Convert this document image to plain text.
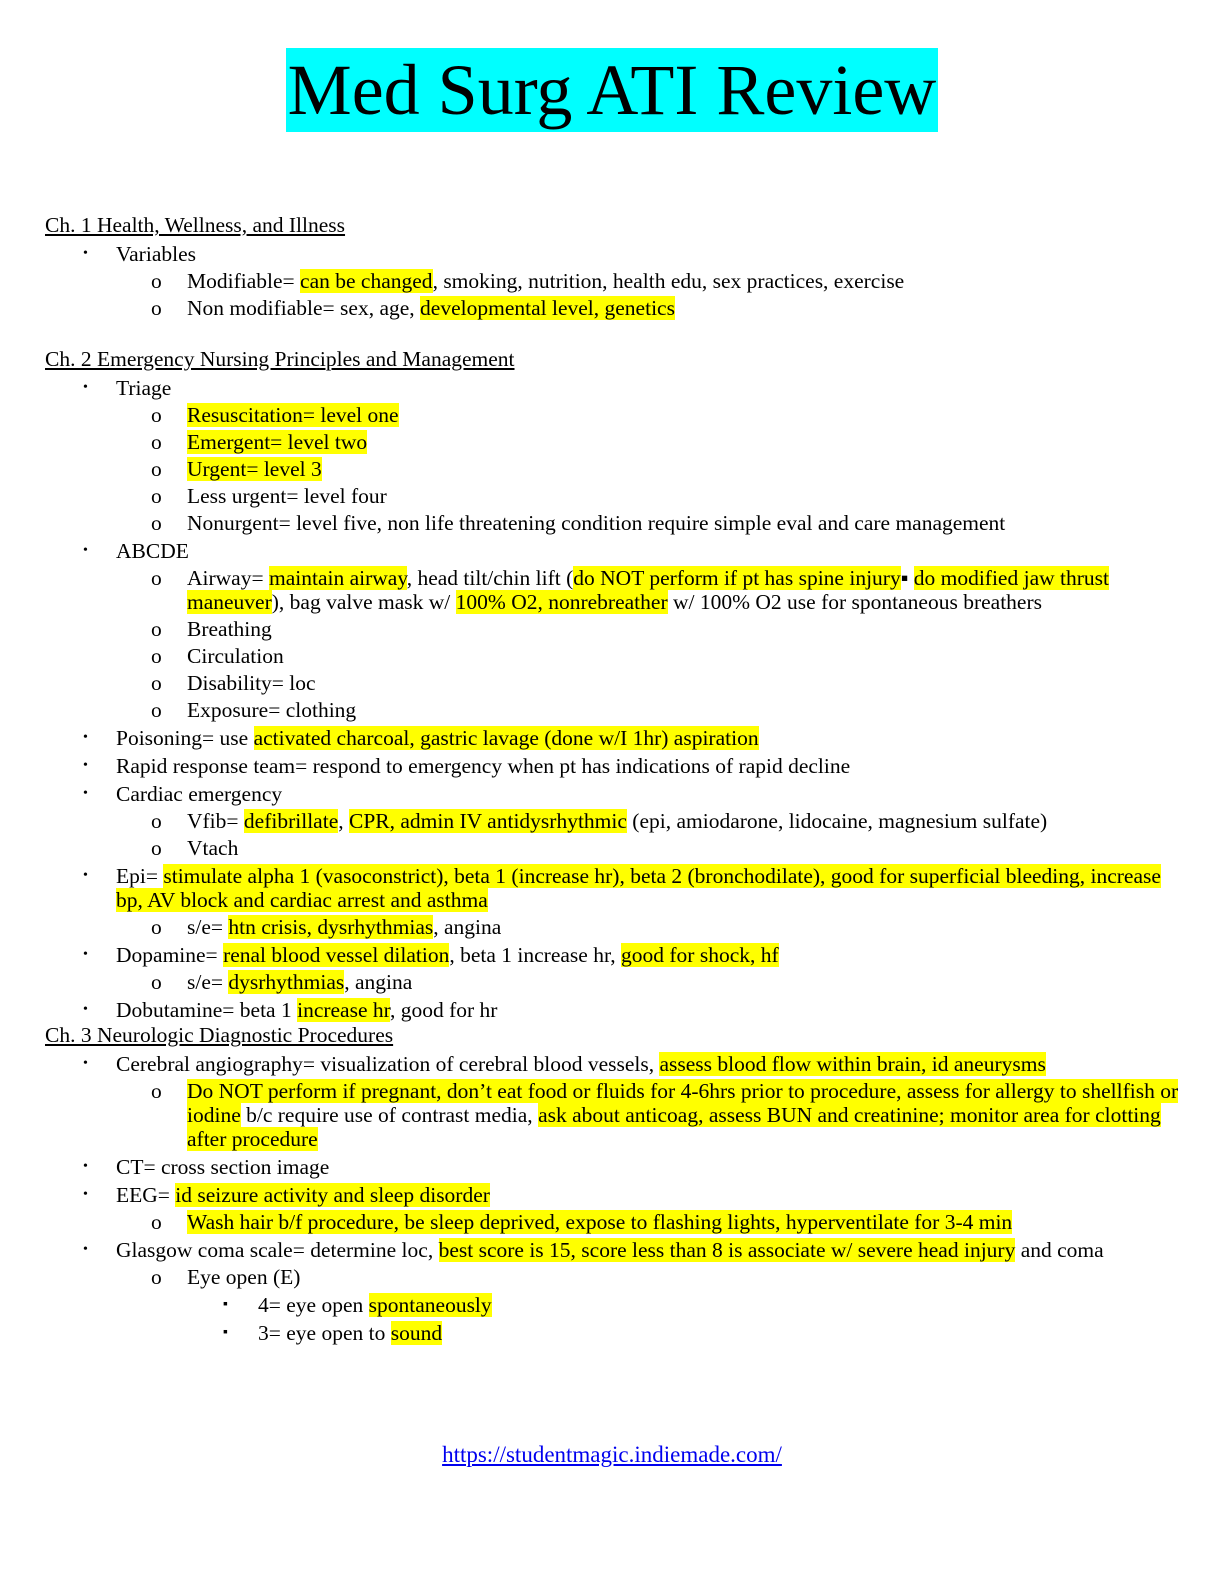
Med Surg ATI Review
Ch. 1 Health, Wellness, and Illness
• Variables
o Modifiable= can be changed, smoking, nutrition, health edu, sex practices, exercise
o Non modifiable= sex, age, developmental level, genetics
Ch. 2 Emergency Nursing Principles and Management
• Triage
o Resuscitation= level one
o Emergent= level two
o Urgent= level 3
o Less urgent= level four
o Nonurgent= level five, non life threatening condition require simple eval and care management
• ABCDE
o Airway= maintain airway, head tilt/chin lift (do NOT perform if pt has spine injury▪ do modified jaw thrust maneuver), bag valve mask w/ 100% O2, nonrebreather w/ 100% O2 use for spontaneous breathers
o Breathing
o Circulation
o Disability= loc
o Exposure= clothing
• Poisoning= use activated charcoal, gastric lavage (done w/I 1hr) aspiration
• Rapid response team= respond to emergency when pt has indications of rapid decline
• Cardiac emergency
o Vfib= defibrillate, CPR, admin IV antidysrhythmic (epi, amiodarone, lidocaine, magnesium sulfate)
o Vtach
• Epi= stimulate alpha 1 (vasoconstrict), beta 1 (increase hr), beta 2 (bronchodilate), good for superficial bleeding, increase bp, AV block and cardiac arrest and asthma
o s/e= htn crisis, dysrhythmias, angina
• Dopamine= renal blood vessel dilation, beta 1 increase hr, good for shock, hf
o s/e= dysrhythmias, angina
• Dobutamine= beta 1 increase hr, good for hr
Ch. 3 Neurologic Diagnostic Procedures
• Cerebral angiography= visualization of cerebral blood vessels, assess blood flow within brain, id aneurysms
o Do NOT perform if pregnant, don’t eat food or fluids for 4-6hrs prior to procedure, assess for allergy to shellfish or iodine b/c require use of contrast media, ask about anticoag, assess BUN and creatinine; monitor area for clotting after procedure
• CT= cross section image
• EEG= id seizure activity and sleep disorder
o Wash hair b/f procedure, be sleep deprived, expose to flashing lights, hyperventilate for 3-4 min
• Glasgow coma scale= determine loc, best score is 15, score less than 8 is associate w/ severe head injury and coma
o Eye open (E)
▪ 4= eye open spontaneously
▪ 3= eye open to sound
https://studentmagic.indiemade.com/
